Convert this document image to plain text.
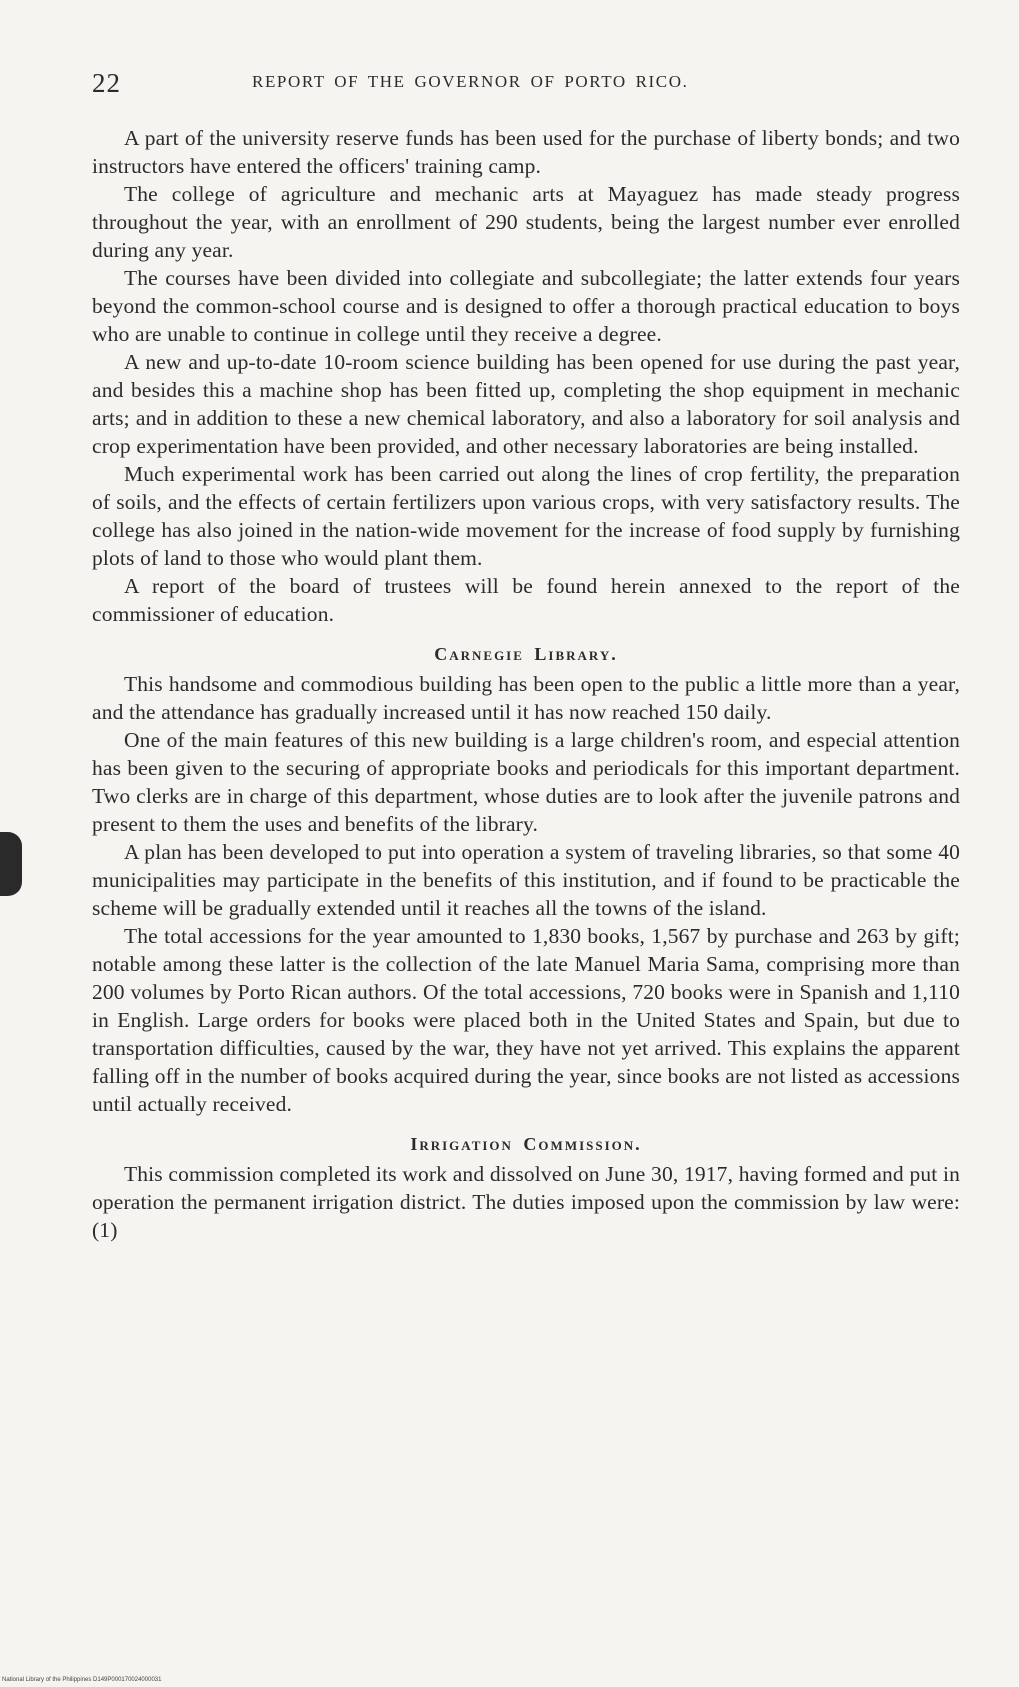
22	REPORT OF THE GOVERNOR OF PORTO RICO.

A part of the university reserve funds has been used for the purchase of liberty bonds; and two instructors have entered the officers' training camp.

The college of agriculture and mechanic arts at Mayaguez has made steady progress throughout the year, with an enrollment of 290 students, being the largest number ever enrolled during any year.

The courses have been divided into collegiate and subcollegiate; the latter extends four years beyond the common-school course and is designed to offer a thorough practical education to boys who are unable to continue in college until they receive a degree.

A new and up-to-date 10-room science building has been opened for use during the past year, and besides this a machine shop has been fitted up, completing the shop equipment in mechanic arts; and in addition to these a new chemical laboratory, and also a laboratory for soil analysis and crop experimentation have been provided, and other necessary laboratories are being installed.

Much experimental work has been carried out along the lines of crop fertility, the preparation of soils, and the effects of certain fertilizers upon various crops, with very satisfactory results. The college has also joined in the nation-wide movement for the increase of food supply by furnishing plots of land to those who would plant them.

A report of the board of trustees will be found herein annexed to the report of the commissioner of education.

Carnegie Library.

This handsome and commodious building has been open to the public a little more than a year, and the attendance has gradually increased until it has now reached 150 daily.

One of the main features of this new building is a large children's room, and especial attention has been given to the securing of appropriate books and periodicals for this important department. Two clerks are in charge of this department, whose duties are to look after the juvenile patrons and present to them the uses and benefits of the library.

A plan has been developed to put into operation a system of traveling libraries, so that some 40 municipalities may participate in the benefits of this institution, and if found to be practicable the scheme will be gradually extended until it reaches all the towns of the island.

The total accessions for the year amounted to 1,830 books, 1,567 by purchase and 263 by gift; notable among these latter is the collection of the late Manuel Maria Sama, comprising more than 200 volumes by Porto Rican authors. Of the total accessions, 720 books were in Spanish and 1,110 in English. Large orders for books were placed both in the United States and Spain, but due to transportation difficulties, caused by the war, they have not yet arrived. This explains the apparent falling off in the number of books acquired during the year, since books are not listed as accessions until actually received.

Irrigation Commission.

This commission completed its work and dissolved on June 30, 1917, having formed and put in operation the permanent irrigation district. The duties imposed upon the commission by law were: (1)

National Library of the Philippines D149P000170024000031
